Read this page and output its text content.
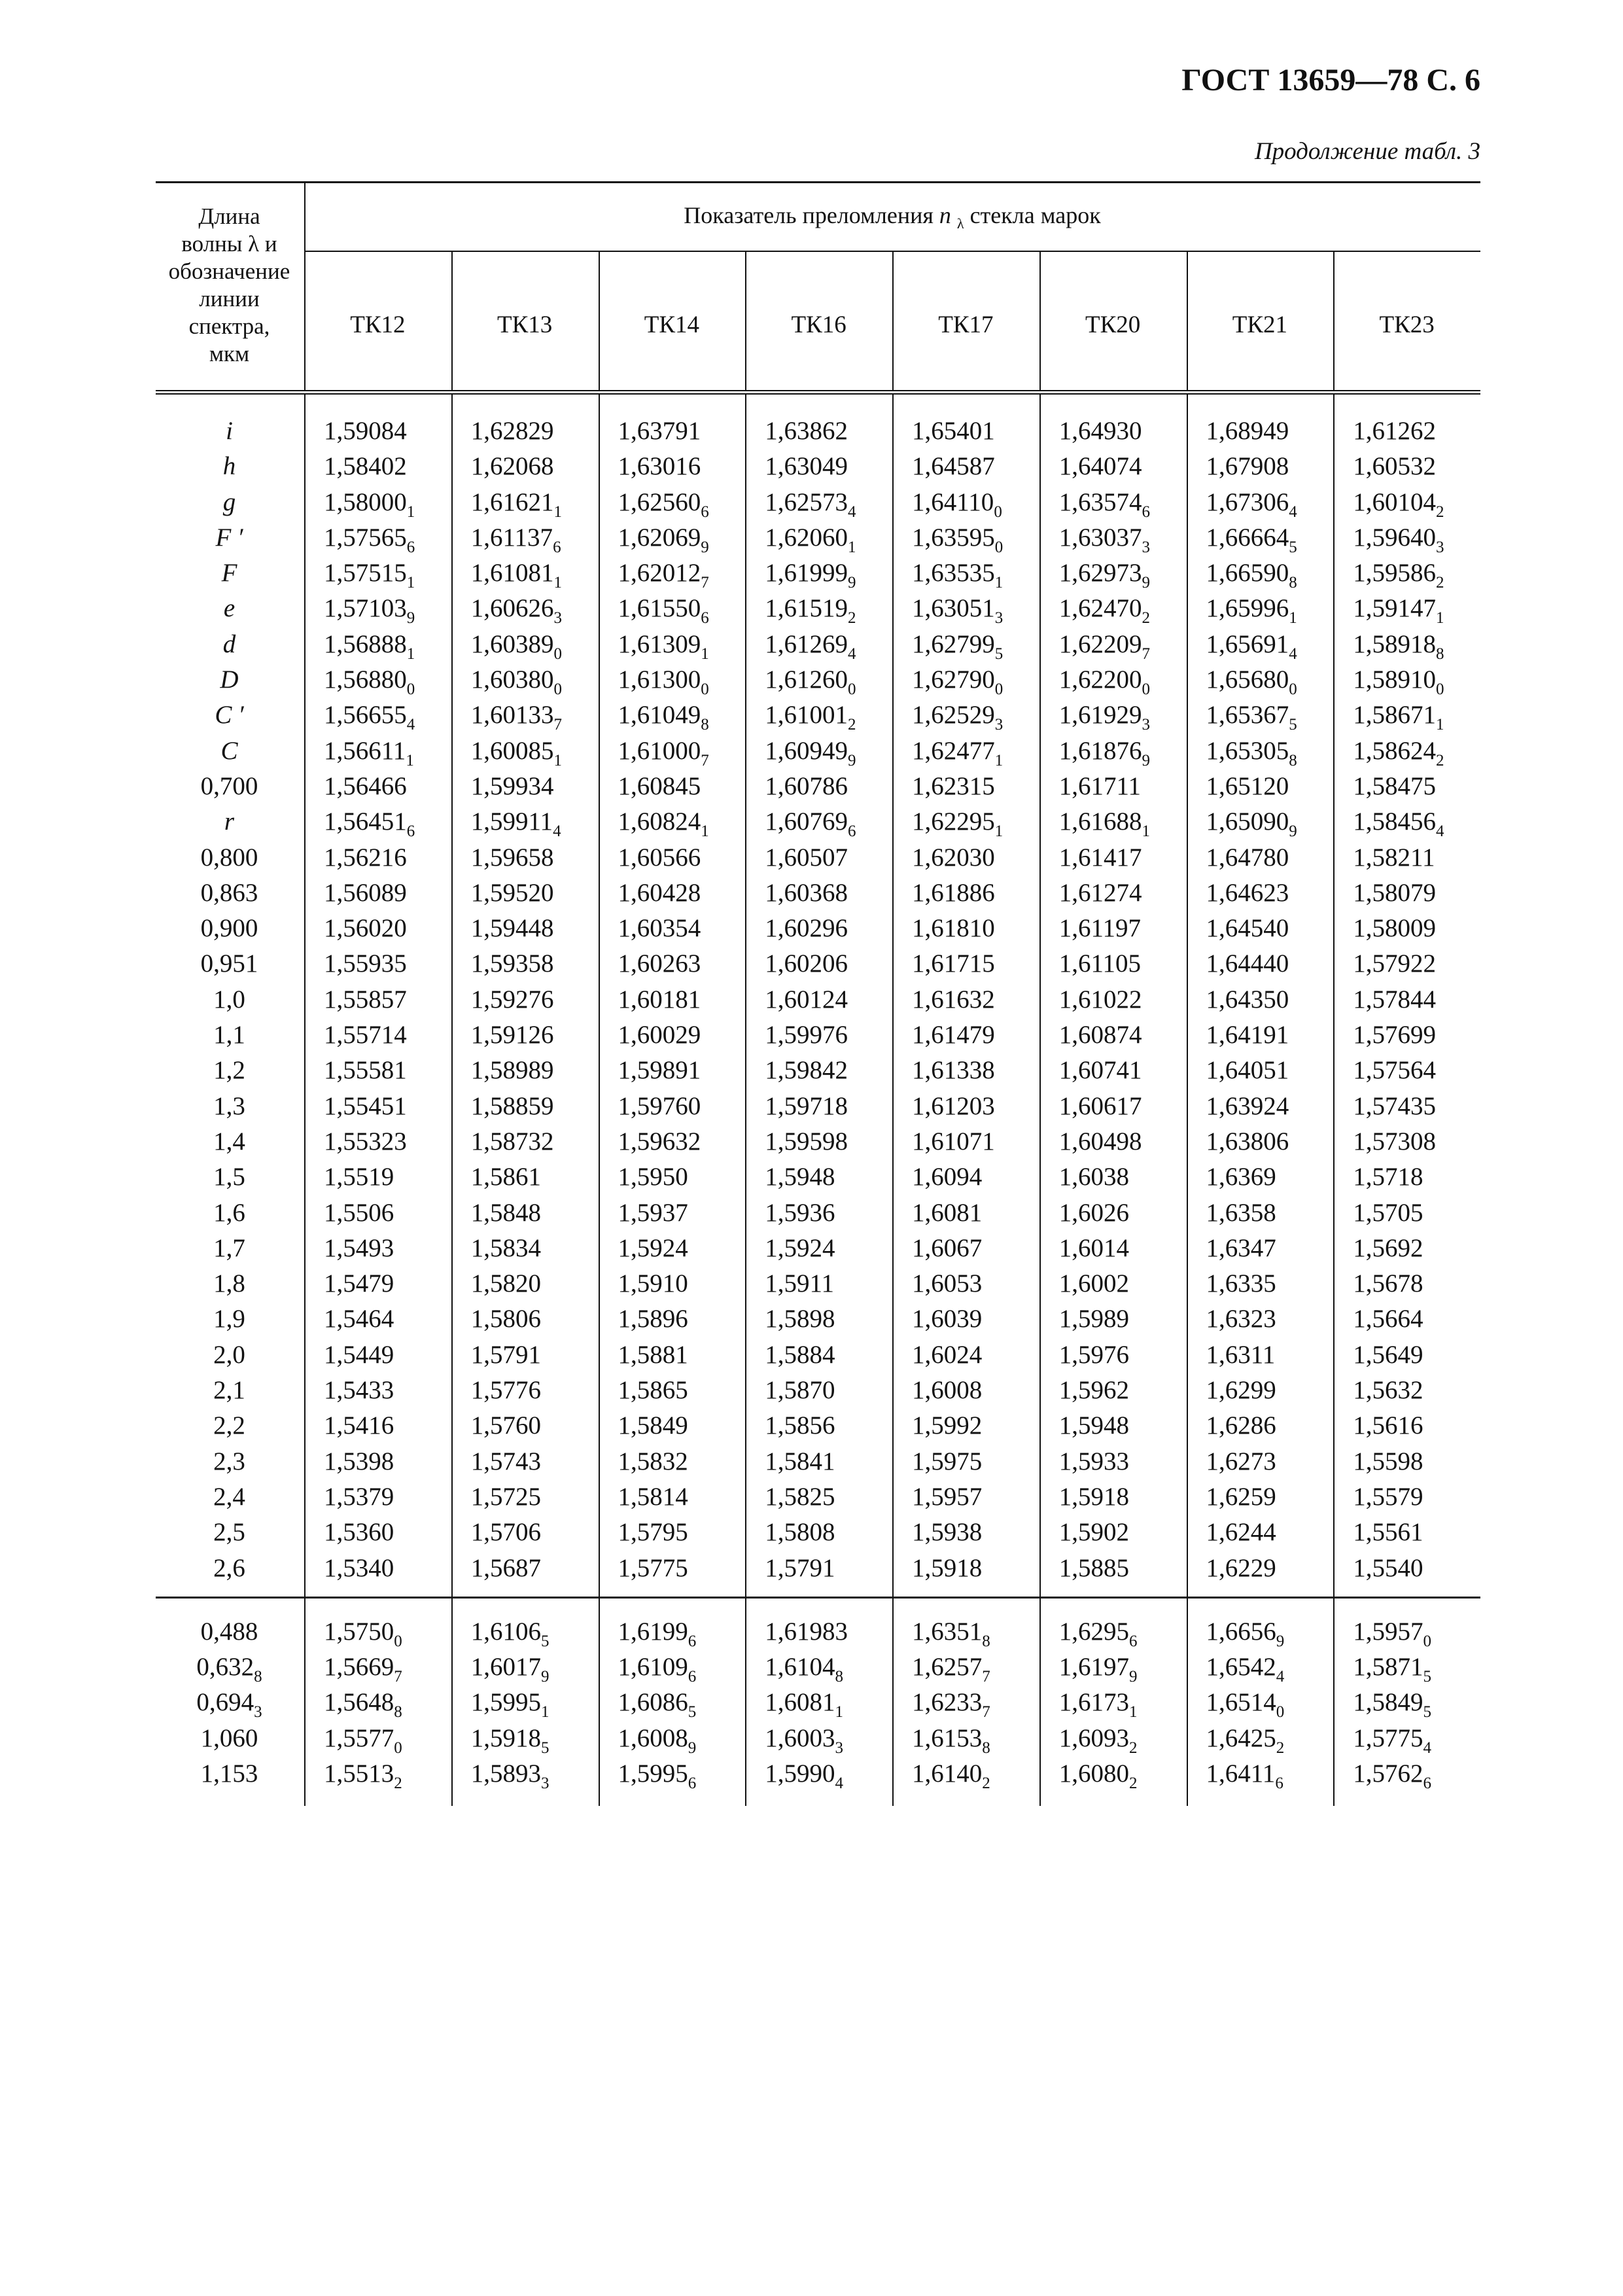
ГОСТ 13659—78 С. 6
Продолжение табл. 3
Длина
волны λ и
обозначение
линии
спектра,
мкм
Показатель преломления n $_\lambda$ стекла марок
ТК12	ТК13	ТК14	ТК16	ТК17	ТК20	ТК21	ТК23
i	1,59084	1,62829	1,63791	1,63862	1,65401	1,64930	1,68949	1,61262
h	1,58402	1,62068	1,63016	1,63049	1,64587	1,64074	1,67908	1,60532
g	$1,58000_1$ $1,61621_1$ $1,62560_6$ $1,62573_4$ $1,64110_0$ $1,63574_6$ $1,67306_4$ $1,60104_2$
F ′	$1,57565_6$ $1,61137_6$ $1,62069_9$ $1,62060_1$ $1,63595_0$ $1,63037_3$ $1,66664_5$ $1,59640_3$
F	$1,57515_1$ $1,61081_1$ $1,62012_7$ $1,61999_9$ $1,63535_1$ $1,62973_9$ $1,66590_8$ $1,59586_2$
e	$1,57103_9$ $1,60626_3$ $1,61550_6$ $1,61519_2$ $1,63051_3$ $1,62470_2$ $1,65996_1$ $1,59147_1$
d	$1,56888_1$ $1,60389_0$ $1,61309_1$ $1,61269_4$ $1,62799_5$ $1,62209_7$ $1,65691_4$ $1,58918_8$
D	$1,56880_0$ $1,60380_0$ $1,61300_0$ $1,61260_0$ $1,62790_0$ $1,62200_0$ $1,65680_0$ $1,58910_0$
C ′	$1,56655_4$ $1,60133_7$ $1,61049_8$ $1,61001_2$ $1,62529_3$ $1,61929_3$ $1,65367_5$ $1,58671_1$
C	$1,56611_1$ $1,60085_1$ $1,61000_7$ $1,60949_9$ $1,62477_1$ $1,61876_9$ $1,65305_8$ $1,58624_2$
0,700	1,56466	1,59934	1,60845	1,60786	1,62315	1,61711	1,65120	1,58475
r	$1,56451_6$ $1,59911_4$ $1,60824_1$ $1,60769_6$ $1,62295_1$ $1,61688_1$ $1,65090_9$ $1,58456_4$
0,800	1,56216	1,59658	1,60566	1,60507	1,62030	1,61417	1,64780	1,58211
0,863	1,56089	1,59520	1,60428	1,60368	1,61886	1,61274	1,64623	1,58079
0,900	1,56020	1,59448	1,60354	1,60296	1,61810	1,61197	1,64540	1,58009
0,951	1,55935	1,59358	1,60263	1,60206	1,61715	1,61105	1,64440	1,57922
1,0	1,55857	1,59276	1,60181	1,60124	1,61632	1,61022	1,64350	1,57844
1,1	1,55714	1,59126	1,60029	1,59976	1,61479	1,60874	1,64191	1,57699
1,2	1,55581	1,58989	1,59891	1,59842	1,61338	1,60741	1,64051	1,57564
1,3	1,55451	1,58859	1,59760	1,59718	1,61203	1,60617	1,63924	1,57435
1,4	1,55323	1,58732	1,59632	1,59598	1,61071	1,60498	1,63806	1,57308
1,5	1,5519	1,5861	1,5950	1,5948	1,6094	1,6038	1,6369	1,5718
1,6	1,5506	1,5848	1,5937	1,5936	1,6081	1,6026	1,6358	1,5705
1,7	1,5493	1,5834	1,5924	1,5924	1,6067	1,6014	1,6347	1,5692
1,8	1,5479	1,5820	1,5910	1,5911	1,6053	1,6002	1,6335	1,5678
1,9	1,5464	1,5806	1,5896	1,5898	1,6039	1,5989	1,6323	1,5664
2,0	1,5449	1,5791	1,5881	1,5884	1,6024	1,5976	1,6311	1,5649
2,1	1,5433	1,5776	1,5865	1,5870	1,6008	1,5962	1,6299	1,5632
2,2	1,5416	1,5760	1,5849	1,5856	1,5992	1,5948	1,6286	1,5616
2,3	1,5398	1,5743	1,5832	1,5841	1,5975	1,5933	1,6273	1,5598
2,4	1,5379	1,5725	1,5814	1,5825	1,5957	1,5918	1,6259	1,5579
2,5	1,5360	1,5706	1,5795	1,5808	1,5938	1,5902	1,6244	1,5561
2,6	1,5340	1,5687	1,5775	1,5791	1,5918	1,5885	1,6229	1,5540
0,488	$1,5750_0$	$1,6106_5$	$1,6199_6$	1,61983	$1,6351_8$	$1,6295_6$	$1,6656_9$	$1,5957_0$
$0,632_8$	$1,5669_7$	$1,6017_9$	$1,6109_6$	$1,6104_8$	$1,6257_7$	$1,6197_9$	$1,6542_4$	$1,5871_5$
$0,694_3$	$1,5648_8$	$1,5995_1$	$1,6086_5$	$1,6081_1$	$1,6233_7$	$1,6173_1$	$1,6514_0$	$1,5849_5$
1,060	$1,5577_0$	$1,5918_5$	$1,6008_9$	$1,6003_3$	$1,6153_8$	$1,6093_2$	$1,6425_2$	$1,5775_4$
1,153	$1,5513_2$	$1,5893_3$	$1,5995_6$	$1,5990_4$	$1,6140_2$	$1,6080_2$	$1,6411_6$	$1,5762_6$
